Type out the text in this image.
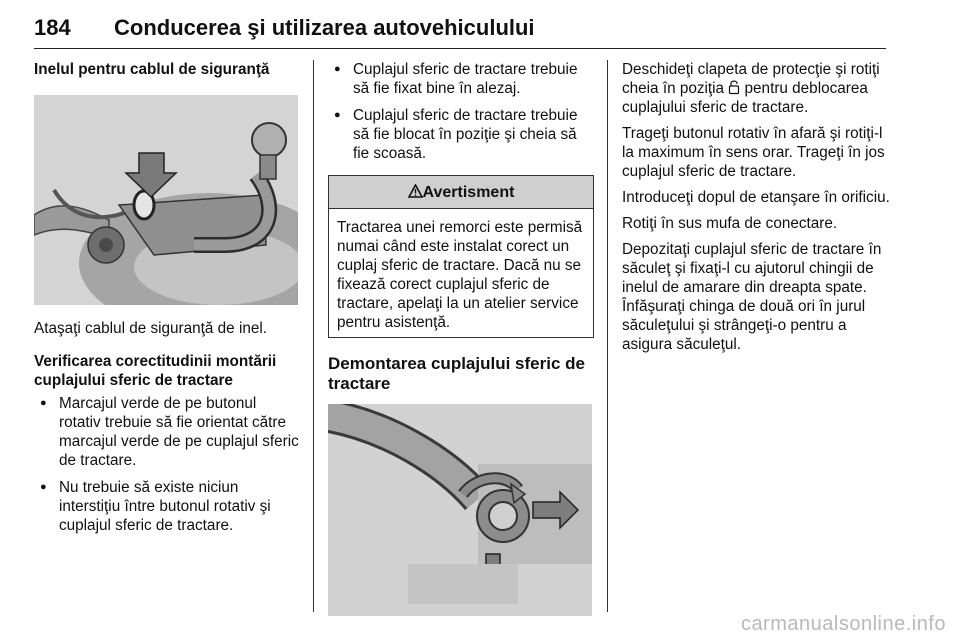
184 Conducerea şi utilizarea autovehiculului

Inelul pentru cablul de siguranţă

Ataşaţi cablul de siguranţă de inel.

Verificarea corectitudinii montării cuplajului sferic de tractare

● Marcajul verde de pe butonul rotativ trebuie să fie orientat către marcajul verde de pe cuplajul sferic de tractare.
● Nu trebuie să existe niciun interstiţiu între butonul rotativ şi cuplajul sferic de tractare.
● Cuplajul sferic de tractare trebuie să fie fixat bine în alezaj.
● Cuplajul sferic de tractare trebuie să fie blocat în poziţie şi cheia să fie scoasă.
Avertisment
Tractarea unei remorci este permisă numai când este instalat corect un cuplaj sferic de tractare. Dacă nu se fixează corect cuplajul sferic de tractare, apelaţi la un atelier service pentru asistenţă.

Demontarea cuplajului sferic de tractare

Deschideţi clapeta de protecţie şi rotiţi cheia în poziţia pentru deblocarea cuplajului sferic de tractare.

Trageţi butonul rotativ în afară şi rotiţi-l la maximum în sens orar. Trageţi în jos cuplajul sferic de tractare.

Introduceţi dopul de etanşare în orificiu.

Rotiţi în sus mufa de conectare.

Depozitaţi cuplajul sferic de tractare în săculeţ şi fixaţi-l cu ajutorul chingii de inelul de amarare din dreapta spate. Înfăşuraţi chinga de două ori în jurul săculeţului şi strângeţi-o pentru a asigura săculeţul.

carmanualsonline.info
